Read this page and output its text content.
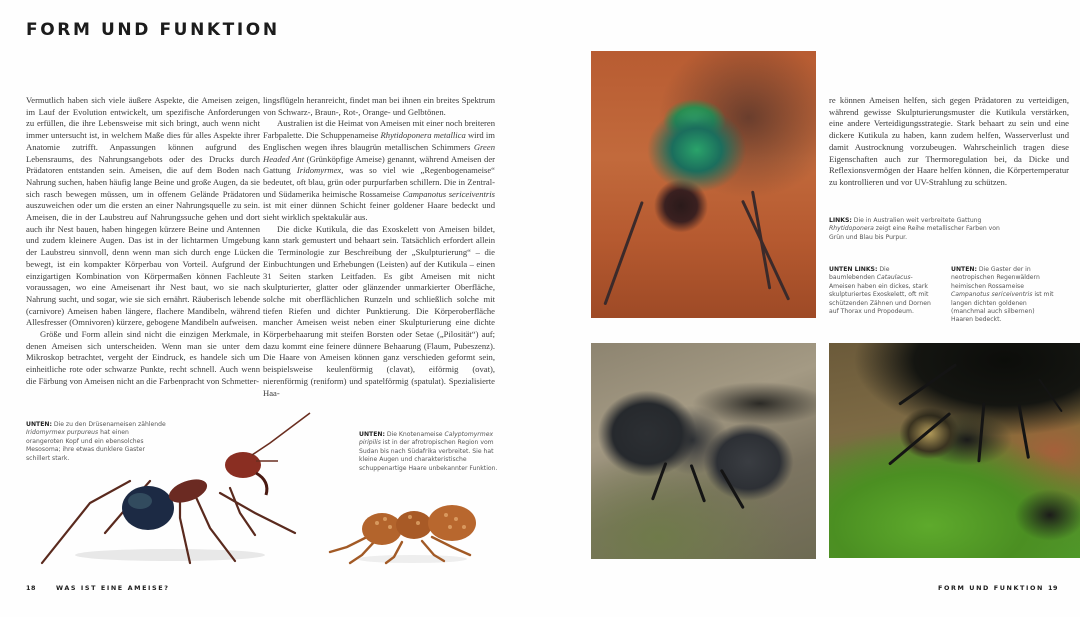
FORM UND FUNKTION

Vermutlich haben sich viele äußere Aspekte, die Ameisen zeigen, im Lauf der Evolution entwickelt, um spezifische Anforderungen zu erfüllen, die ihre Lebensweise mit sich bringt, auch wenn nicht immer untersucht ist, in welchem Maße dies für alles Aspekte ihrer Anatomie zutrifft. Anpassungen können aufgrund des Lebensraums, des Nahrungsangebots oder des Drucks durch Prädatoren entstanden sein. Ameisen, die auf dem Boden nach Nahrung suchen, haben häufig lange Beine und große Augen, da sie sich rasch bewegen müssen, um in offenem Gelände Prädatoren auszuweichen oder um die ersten an einer Nahrungsquelle zu sein. Ameisen, die in der Laubstreu auf Nahrungssuche gehen und dort auch ihr Nest bauen, haben hingegen kürzere Beine und Antennen und zudem kleinere Augen. Das ist in der lichtarmen Umgebung der Laubstreu sinnvoll, denn wenn man sich durch enge Lücken bewegt, ist ein kompakter Körperbau von Vorteil. Aufgrund der einzigartigen Kombination von Körpermaßen können Fachleute voraussagen, wo eine Ameisenart ihr Nest baut, wo sie nach Nahrung sucht, und sogar, wie sie sich ernährt. Räuberisch lebende (carnivore) Ameisen haben längere, flachere Mandibeln, während Allesfresser (Omnivoren) kürzere, gebogene Mandibeln aufweisen.

Größe und Form allein sind nicht die einzigen Merkmale, in denen Ameisen sich unterscheiden. Wenn man sie unter dem Mikroskop betrachtet, vergeht der Eindruck, es handele sich um einheitliche rote oder schwarze Punkte, recht schnell. Auch wenn die Färbung von Ameisen nicht an die Farbenpracht von Schmetter-

lingsflügeln heranreicht, findet man bei ihnen ein breites Spektrum von Schwarz-, Braun-, Rot-, Orange- und Gelbtönen.

Australien ist die Heimat von Ameisen mit einer noch breiteren Farbpalette. Die Schuppenameise Rhytidoponera metallica wird im Englischen wegen ihres blaugrün metallischen Schimmers Green Headed Ant (Grünköpfige Ameise) genannt, während Ameisen der Gattung Iridomyrmex, was so viel wie „Regenbogenameise“ bedeutet, oft blau, grün oder purpurfarben schillern. Die in Zentral- und Südamerika heimische Rossameise Campanotus sericeiventris ist mit einer dünnen Schicht feiner goldener Haare bedeckt und sieht wirklich spektakulär aus.

Die dicke Kutikula, die das Exoskelett von Ameisen bildet, kann stark gemustert und behaart sein. Tatsächlich erfordert allein die Terminologie zur Beschreibung der „Skulpturierung“ – die Einbuchtungen und Erhebungen (Leisten) auf der Kutikula – einen 31 Seiten starken Leitfaden. Es gibt Ameisen mit nicht skulpturierter, glatter oder glänzender unmarkierter Oberfläche, solche mit oberflächlichen Runzeln und schließlich solche mit tiefen Riefen und dichter Punktierung. Die Körperoberfläche mancher Ameisen weist neben einer Skulpturierung eine dichte Körperbehaarung mit steifen Borsten oder Setae („Pilosität“) auf; dazu kommt eine feinere dünnere Behaarung (Flaum, Pubeszenz). Die Haare von Ameisen können ganz verschieden geformt sein, beispielsweise keulenförmig (clavat), eiförmig (ovat), nierenförmig (reniform) und spatelförmig (spatulat). Spezialisierte Haa-

UNTEN: Die zu den Drüsenameisen zählende Iridomyrmex purpureus hat einen orangeroten Kopf und ein ebensolches Mesosoma; ihre etwas dunklere Gaster schillert stark.
UNTEN: Die Knotenameise Calyptomyrmex piripilis ist in der afrotropischen Region vom Sudan bis nach Südafrika verbreitet. Sie hat kleine Augen und charakteristische schuppenartige Haare unbekannter Funktion.
18	WAS IST EINE AMEISE?

re können Ameisen helfen, sich gegen Prädatoren zu verteidigen, während gewisse Skulpturierungsmuster die Kutikula verstärken, eine andere Verteidigungsstrategie. Stark behaart zu sein und eine dickere Kutikula zu haben, kann zudem helfen, Wasserverlust und damit Austrocknung vorzubeugen. Wahrscheinlich tragen diese Eigenschaften auch zur Thermoregulation bei, da Dicke und Reflexionsvermögen der Haare helfen können, die Körpertemperatur zu kontrollieren und vor UV-Strahlung zu schützen.

LINKS: Die in Australien weit verbreitete Gattung Rhytidoponera zeigt eine Reihe metallischer Farben von Grün und Blau bis Purpur.
UNTEN LINKS: Die baumlebenden Cataulacus-Ameisen haben ein dickes, stark skulpturiertes Exoskelett, oft mit schützenden Zähnen und Dornen auf Thorax und Propodeum.
UNTEN: Die Gaster der in neotropischen Regenwäldern heimischen Rossameise Campanotus sericeiventris ist mit langen dichten goldenen (manchmal auch silbernen) Haaren bedeckt.
FORM UND FUNKTION 19
